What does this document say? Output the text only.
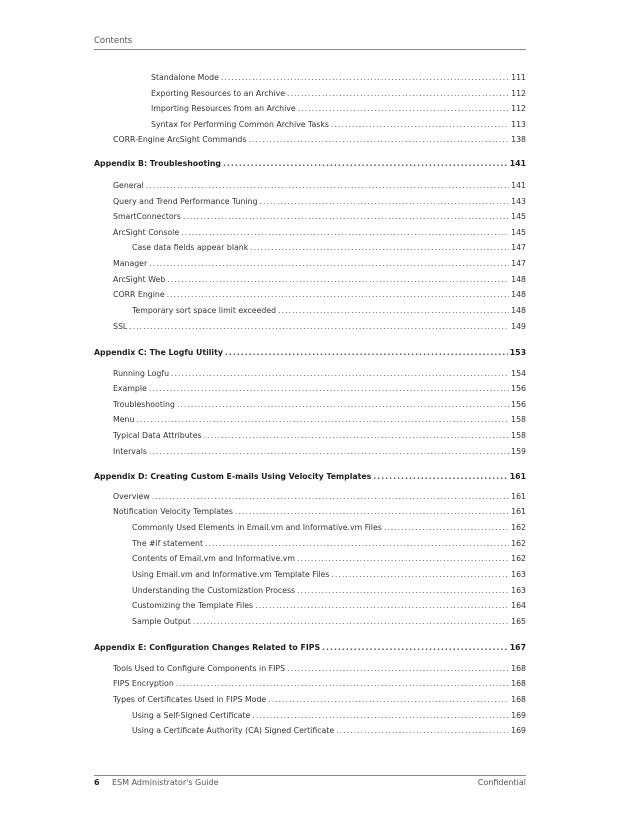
Contents
Standalone Mode .....	111
Exporting Resources to an Archive .....	112
Importing Resources from an Archive .....	112
Syntax for Performing Common Archive Tasks .....	113
CORR-Engine ArcSight Commands .....	138
Appendix B: Troubleshooting .....	141
General .....	141
Query and Trend Performance Tuning .....	143
SmartConnectors .....	145
ArcSight Console .....	145
Case data fields appear blank .....	147
Manager .....	147
ArcSight Web .....	148
CORR Engine .....	148
Temporary sort space limit exceeded .....	148
SSL .....	149
Appendix C: The Logfu Utility .....	153
Running Logfu .....	154
Example .....	156
Troubleshooting .....	156
Menu .....	158
Typical Data Attributes .....	158
Intervals .....	159
Appendix D: Creating Custom E-mails Using Velocity Templates .....	161
Overview .....	161
Notification Velocity Templates .....	161
Commonly Used Elements in Email.vm and Informative.vm Files .....	162
The #if statement .....	162
Contents of Email.vm and Informative.vm .....	162
Using Email.vm and Informative.vm Template Files .....	163
Understanding the Customization Process .....	163
Customizing the Template Files .....	164
Sample Output .....	165
Appendix E: Configuration Changes Related to FIPS .....	167
Tools Used to Configure Components in FIPS .....	168
FIPS Encryption .....	168
Types of Certificates Used in FIPS Mode .....	168
Using a Self-Signed Certificate .....	169
Using a Certificate Authority (CA) Signed Certificate .....	169
6 ESM Administrator's Guide	Confidential
